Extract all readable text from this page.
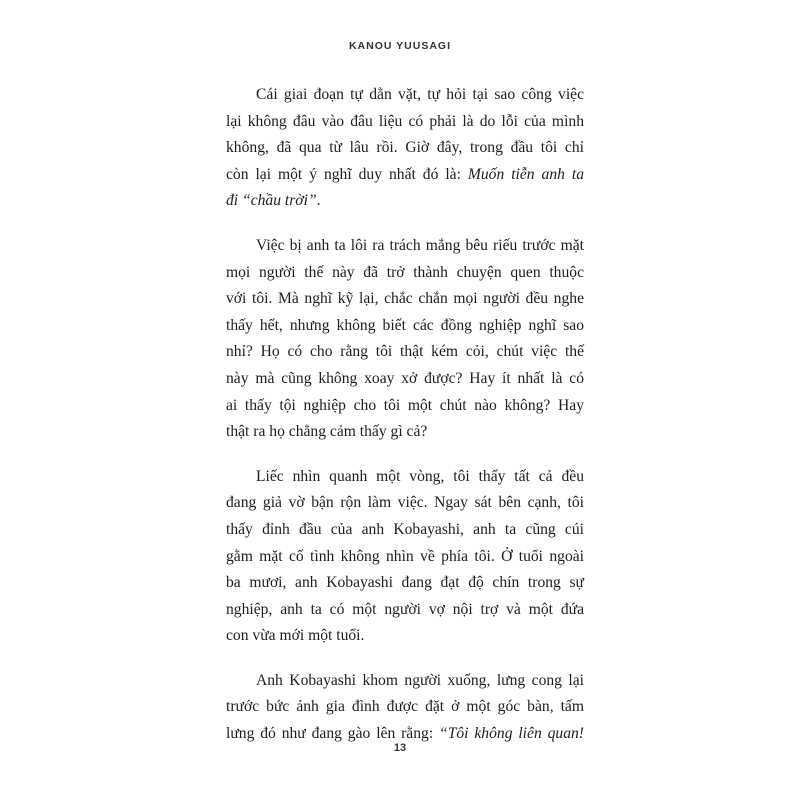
KANOU YUUSAGI

Cái giai đoạn tự dằn vặt, tự hỏi tại sao công việc
lại không đâu vào đâu liệu có phải là do lỗi của mình
không, đã qua từ lâu rồi. Giờ đây, trong đầu tôi chỉ
còn lại một ý nghĩ duy nhất đó là: Muốn tiễn anh ta
đi “chầu trời”.

Việc bị anh ta lôi ra trách mắng bêu riếu trước mặt
mọi người thế này đã trở thành chuyện quen thuộc
với tôi. Mà nghĩ kỹ lại, chắc chắn mọi người đều nghe
thấy hết, nhưng không biết các đồng nghiệp nghĩ sao
nhỉ? Họ có cho rằng tôi thật kém cỏi, chút việc thế
này mà cũng không xoay xở được? Hay ít nhất là có
ai thấy tội nghiệp cho tôi một chút nào không? Hay
thật ra họ chẳng cảm thấy gì cả?

Liếc nhìn quanh một vòng, tôi thấy tất cả đều
đang giả vờ bận rộn làm việc. Ngay sát bên cạnh, tôi
thấy đỉnh đầu của anh Kobayashi, anh ta cũng cúi
gằm mặt cố tình không nhìn về phía tôi. Ở tuổi ngoài
ba mươi, anh Kobayashi đang đạt độ chín trong sự
nghiệp, anh ta có một người vợ nội trợ và một đứa
con vừa mới một tuổi.

Anh Kobayashi khom người xuống, lưng cong lại
trước bức ảnh gia đình được đặt ở một góc bàn, tấm
lưng đó như đang gào lên rằng: “Tôi không liên quan!

13
